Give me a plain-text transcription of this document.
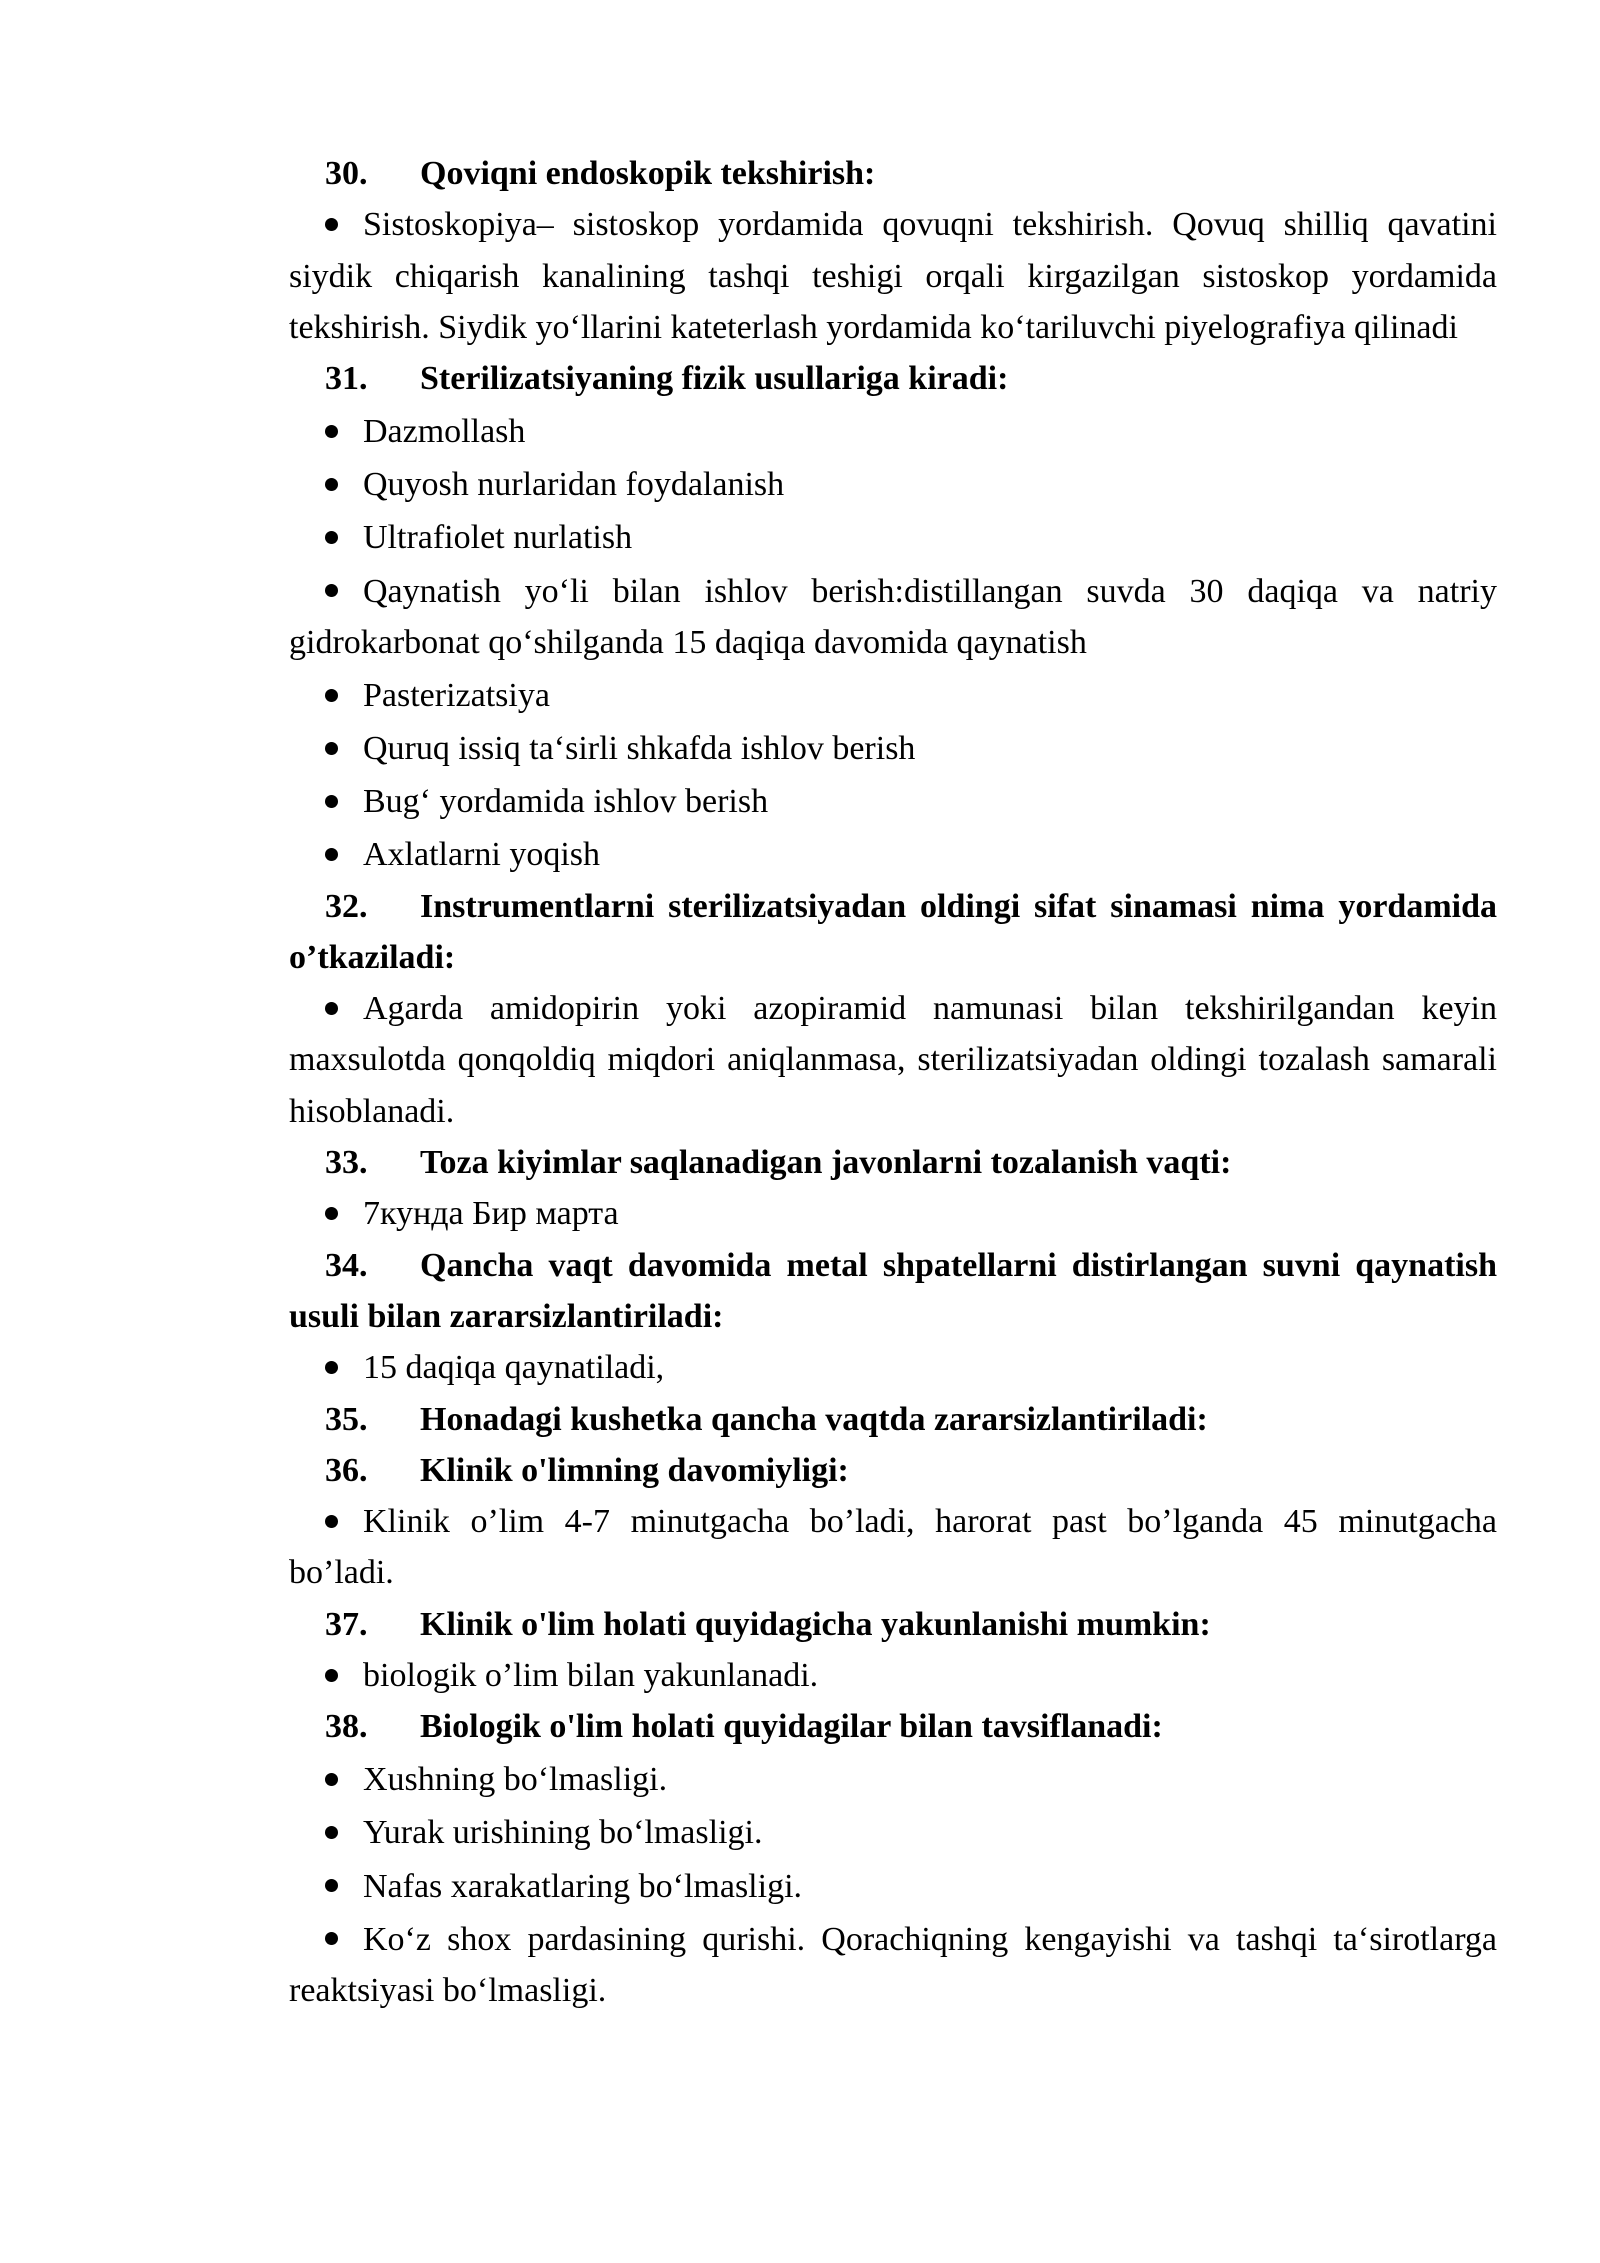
30. Qoviqni endoskopik tekshirish:

Sistoskopiya– sistoskop yordamida qovuqni tekshirish. Qovuq shilliq qavatini siydik chiqarish kanalining tashqi teshigi orqali kirgazilgan sistoskop yordamida tekshirish. Siydik yo‘llarini kateterlash yordamida ko‘tariluvchi piyelografiya qilinadi

31. Sterilizatsiyaning fizik usullariga kiradi:

Dazmollash

Quyosh nurlaridan foydalanish

Ultrafiolet nurlatish

Qaynatish yo‘li bilan ishlov berish:distillangan suvda 30 daqiqa va natriy gidrokarbonat qo‘shilganda 15 daqiqa davomida qaynatish

Pasterizatsiya

Quruq issiq ta‘sirli shkafda ishlov berish

Bug‘ yordamida ishlov berish

Axlatlarni yoqish

32. Instrumentlarni sterilizatsiyadan oldingi sifat sinamasi nima yordamida o’tkaziladi:

Agarda amidopirin yoki azopiramid namunasi bilan tekshirilgandan keyin maxsulotda qonqoldiq miqdori aniqlanmasa, sterilizatsiyadan oldingi tozalash samarali hisoblanadi.

33. Toza kiyimlar saqlanadigan javonlarni tozalanish vaqti:

7кунда Бир марта

34. Qancha vaqt davomida metal shpatellarni distirlangan suvni qaynatish usuli bilan zararsizlantiriladi:

15 daqiqa qaynatiladi,

35. Honadagi kushetka qancha vaqtda zararsizlantiriladi:

36. Klinik o'limning davomiyligi:

Klinik o’lim 4-7 minutgacha bo’ladi, harorat past bo’lganda 45 minutgacha bo’ladi.

37. Klinik o'lim holati quyidagicha yakunlanishi mumkin:

biologik o’lim bilan yakunlanadi.

38. Biologik o'lim holati quyidagilar bilan tavsiflanadi:

Xushning bo‘lmasligi.

Yurak urishining bo‘lmasligi.

Nafas xarakatlaring bo‘lmasligi.

Ko‘z shox pardasining qurishi. Qorachiqning kengayishi va tashqi ta‘sirotlarga reaktsiyasi bo‘lmasligi.
